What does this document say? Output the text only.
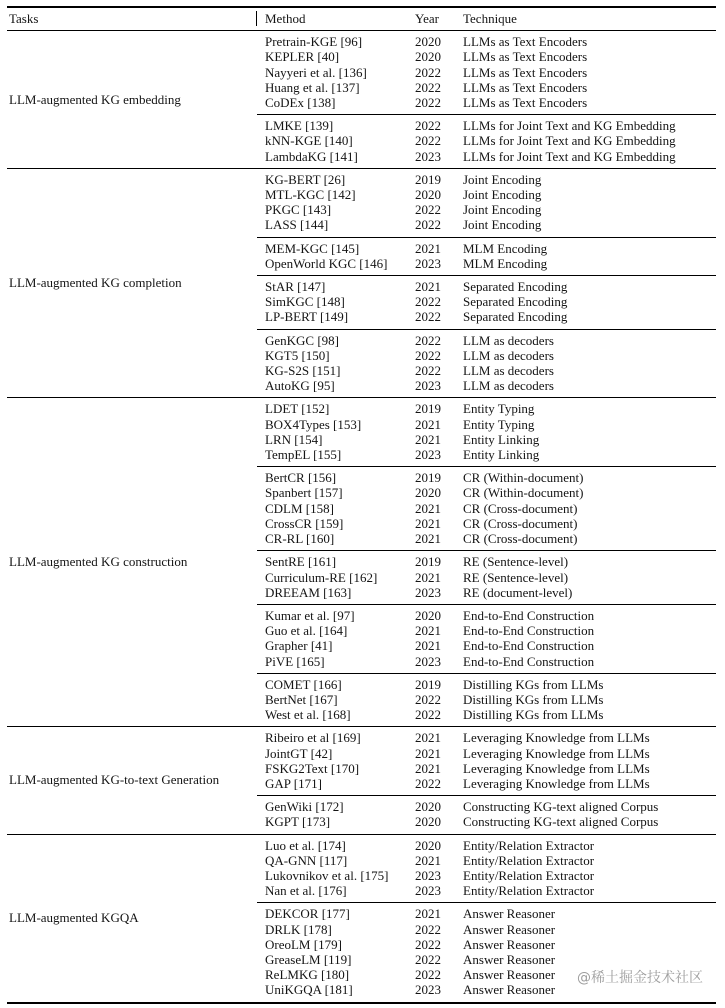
Tasks	Method	Year	Technique
LLM-augmented KG embedding
Pretrain-KGE [96]	2020	LLMs as Text Encoders
KEPLER [40]	2020	LLMs as Text Encoders
Nayyeri et al. [136]	2022	LLMs as Text Encoders
Huang et al. [137]	2022	LLMs as Text Encoders
CoDEx [138]	2022	LLMs as Text Encoders
LMKE [139]	2022	LLMs for Joint Text and KG Embedding
kNN-KGE [140]	2022	LLMs for Joint Text and KG Embedding
LambdaKG [141]	2023	LLMs for Joint Text and KG Embedding
LLM-augmented KG completion
KG-BERT [26]	2019	Joint Encoding
MTL-KGC [142]	2020	Joint Encoding
PKGC [143]	2022	Joint Encoding
LASS [144]	2022	Joint Encoding
MEM-KGC [145]	2021	MLM Encoding
OpenWorld KGC [146]	2023	MLM Encoding
StAR [147]	2021	Separated Encoding
SimKGC [148]	2022	Separated Encoding
LP-BERT [149]	2022	Separated Encoding
GenKGC [98]	2022	LLM as decoders
KGT5 [150]	2022	LLM as decoders
KG-S2S [151]	2022	LLM as decoders
AutoKG [95]	2023	LLM as decoders
LLM-augmented KG construction
LDET [152]	2019	Entity Typing
BOX4Types [153]	2021	Entity Typing
LRN [154]	2021	Entity Linking
TempEL [155]	2023	Entity Linking
BertCR [156]	2019	CR (Within-document)
Spanbert [157]	2020	CR (Within-document)
CDLM [158]	2021	CR (Cross-document)
CrossCR [159]	2021	CR (Cross-document)
CR-RL [160]	2021	CR (Cross-document)
SentRE [161]	2019	RE (Sentence-level)
Curriculum-RE [162]	2021	RE (Sentence-level)
DREEAM [163]	2023	RE (document-level)
Kumar et al. [97]	2020	End-to-End Construction
Guo et al. [164]	2021	End-to-End Construction
Grapher [41]	2021	End-to-End Construction
PiVE [165]	2023	End-to-End Construction
COMET [166]	2019	Distilling KGs from LLMs
BertNet [167]	2022	Distilling KGs from LLMs
West et al. [168]	2022	Distilling KGs from LLMs
LLM-augmented KG-to-text Generation
Ribeiro et al [169]	2021	Leveraging Knowledge from LLMs
JointGT [42]	2021	Leveraging Knowledge from LLMs
FSKG2Text [170]	2021	Leveraging Knowledge from LLMs
GAP [171]	2022	Leveraging Knowledge from LLMs
GenWiki [172]	2020	Constructing KG-text aligned Corpus
KGPT [173]	2020	Constructing KG-text aligned Corpus
LLM-augmented KGQA
Luo et al. [174]	2020	Entity/Relation Extractor
QA-GNN [117]	2021	Entity/Relation Extractor
Lukovnikov et al. [175]	2023	Entity/Relation Extractor
Nan et al. [176]	2023	Entity/Relation Extractor
DEKCOR [177]	2021	Answer Reasoner
DRLK [178]	2022	Answer Reasoner
OreoLM [179]	2022	Answer Reasoner
GreaseLM [119]	2022	Answer Reasoner
ReLMKG [180]	2022	Answer Reasoner
UniKGQA [181]	2023	Answer Reasoner
@稀土掘金技术社区
